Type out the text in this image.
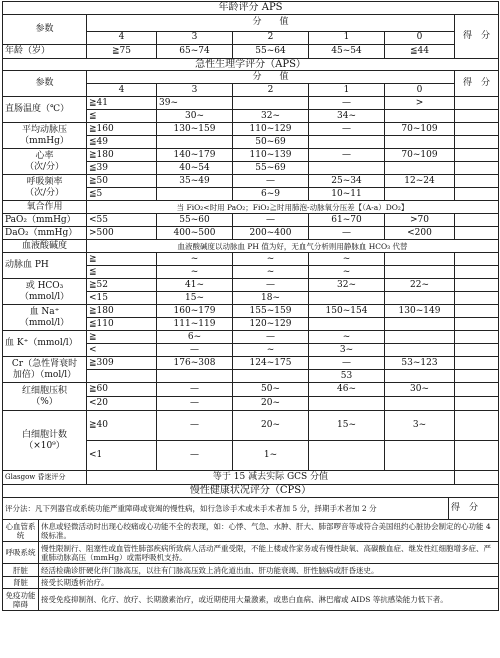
年龄评分 APS						
参数	分　　值					得　分
	4	3	2	1	0	
年龄（岁）	≧75	65~74	55~64	45~54	≦44	
急性生理学评分（APS）						
参数	分　　值					得　分
	4	3	2	1	0	
直肠温度（℃）	≧41	39~		—	>	
	≦	30~	32~	34~		

平均动脉压
（mmHg）	≧160	130~159	110~129	—	70~109	
	≦49		50~69			

心率
（次/分）	≧180	140~179	110~139	—	70~109	
	≦39	40~54	55~69			

呼吸频率
（次/分）	≧50	35~49	—	25~34	12~24	
	≦5		6~9	10~11		
氧合作用	当 FiO₂<时用 PaO₂；FiO₂≧时用肺泡-动脉氧分压差【（A-a）DO₂】					
PaO₂（mmHg）	<55	55~60	—	61~70	>70	
DaO₂（mmHg）	>500	400~500	200~400	—	<200	
血液酸碱度	血液酸碱度以动脉血 PH 值为好，无血气分析则用静脉血 HCO₃ 代替					
动脉血 PH	≧	~	~	~		
	≦	~	~	~		

或 HCO₃
（mmol/l）	≧52	41~	—	32~	22~	
	<15	15~	18~			

血 Na⁺
（mmol/l）	≧180	160~179	155~159	150~154	130~149	
	≦110	111~119	120~129			
血 K⁺（mmol/l）	≧	6~	—	~		
	<	—	~	3~		

Cr（急性肾衰时
加倍）（mol/l）	≧309	176~308	124~175	—	53~123	
				53		

红细胞压积
（%）	≧60	—	50~	46~	30~	
	<20	—	20~			

白细胞计数
（×10⁹）	≧40	—	20~	15~	3~	
	<1	—	1~			
Glasgow 昏迷评分	等于 15 减去实际 GCS 分值					
慢性健康状况评分（CPS）		
评分法：凡下列器官或系统功能严重障碍或衰竭的慢性病，如行急诊手术或未手术者加 5 分，择期手术者加 2 分		得　分
心血管系统	休息或轻微活动时出现心绞痛或心功能不全的表现，如：心悸、气急、水肿、肝大、肺部啰音等或符合美国纽约心脏协会制定的心功能 4 级标准。	
呼吸系统	慢性限制行、阻塞性或血管性肺部疾病所致病人活动严重受限，不能上楼或作家务或有慢性缺氧、高碳酸血症、继发性红细胞增多症、严重肺动脉高压（mmHg）或需呼吸机支持。	
肝脏	经活检确诊肝硬化伴门脉高压，以往有门脉高压致上消化道出血、肝功能衰竭、肝性脑病或肝昏迷史。	
肾脏	接受长期透析治疗。	
免疫功能障碍	接受免疫抑制剂、化疗、放疗、长期激素治疗，或近期使用大量激素，或患白血病、淋巴瘤或 AIDS 等抗感染能力低下者。	
